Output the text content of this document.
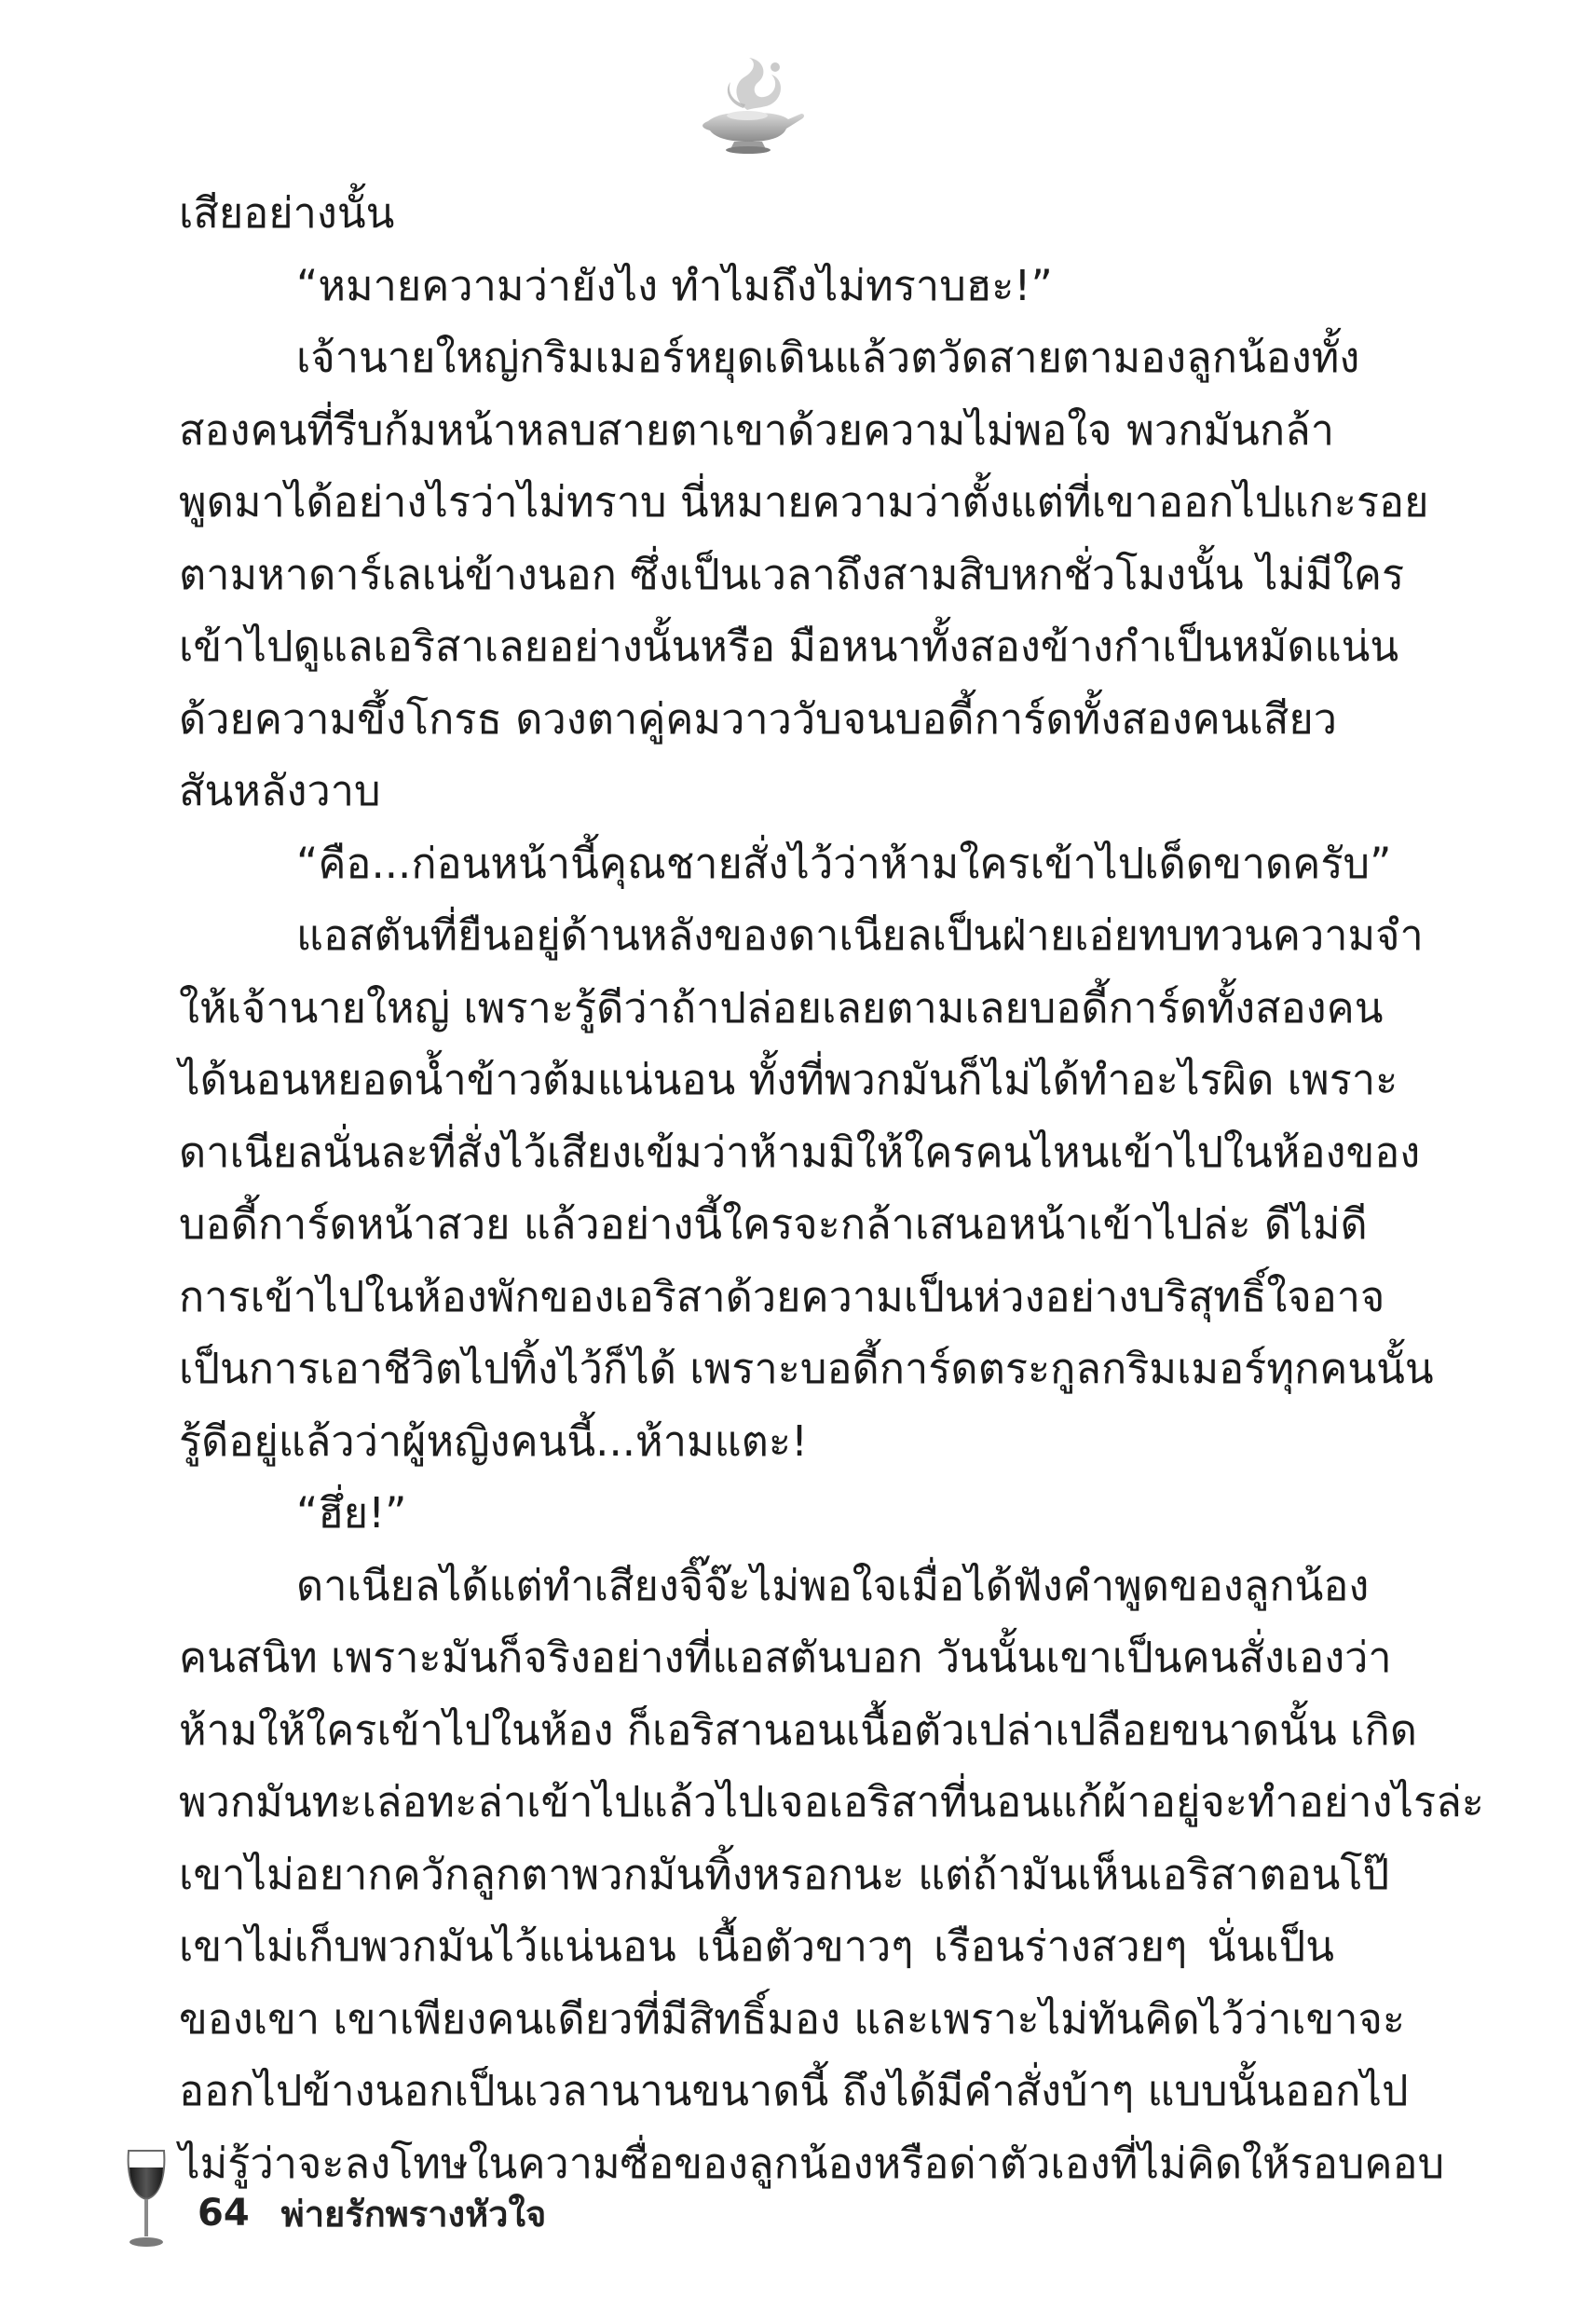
เสียอย่างนั้น

“หมายความว่ายังไง ทำไมถึงไม่ทราบฮะ!”

เจ้านายใหญ่กริมเมอร์หยุดเดินแล้วตวัดสายตามองลูกน้องทั้ง

สองคนที่รีบก้มหน้าหลบสายตาเขาด้วยความไม่พอใจ พวกมันกล้า

พูดมาได้อย่างไรว่าไม่ทราบ นี่หมายความว่าตั้งแต่ที่เขาออกไปแกะรอย

ตามหาดาร์เลเน่ข้างนอก ซึ่งเป็นเวลาถึงสามสิบหกชั่วโมงนั้น ไม่มีใคร

เข้าไปดูแลเอริสาเลยอย่างนั้นหรือ มือหนาทั้งสองข้างกำเป็นหมัดแน่น

ด้วยความขึ้งโกรธ ดวงตาคู่คมวาววับจนบอดี้การ์ดทั้งสองคนเสียว

สันหลังวาบ

“คือ...ก่อนหน้านี้คุณชายสั่งไว้ว่าห้ามใครเข้าไปเด็ดขาดครับ”

แอสตันที่ยืนอยู่ด้านหลังของดาเนียลเป็นฝ่ายเอ่ยทบทวนความจำ

ให้เจ้านายใหญ่ เพราะรู้ดีว่าถ้าปล่อยเลยตามเลยบอดี้การ์ดทั้งสองคน

ได้นอนหยอดน้ำข้าวต้มแน่นอน ทั้งที่พวกมันก็ไม่ได้ทำอะไรผิด เพราะ

ดาเนียลนั่นละที่สั่งไว้เสียงเข้มว่าห้ามมิให้ใครคนไหนเข้าไปในห้องของ

บอดี้การ์ดหน้าสวย แล้วอย่างนี้ใครจะกล้าเสนอหน้าเข้าไปล่ะ ดีไม่ดี

การเข้าไปในห้องพักของเอริสาด้วยความเป็นห่วงอย่างบริสุทธิ์ใจอาจ

เป็นการเอาชีวิตไปทิ้งไว้ก็ได้ เพราะบอดี้การ์ดตระกูลกริมเมอร์ทุกคนนั้น

รู้ดีอยู่แล้วว่าผู้หญิงคนนี้...ห้ามแตะ!

“ฮึ่ย!”

ดาเนียลได้แต่ทำเสียงจิ๊จ๊ะไม่พอใจเมื่อได้ฟังคำพูดของลูกน้อง

คนสนิท เพราะมันก็จริงอย่างที่แอสตันบอก วันนั้นเขาเป็นคนสั่งเองว่า

ห้ามให้ใครเข้าไปในห้อง ก็เอริสานอนเนื้อตัวเปล่าเปลือยขนาดนั้น เกิด

พวกมันทะเล่อทะล่าเข้าไปแล้วไปเจอเอริสาที่นอนแก้ผ้าอยู่จะทำอย่างไรล่ะ

เขาไม่อยากควักลูกตาพวกมันทิ้งหรอกนะ แต่ถ้ามันเห็นเอริสาตอนโป๊

เขาไม่เก็บพวกมันไว้แน่นอน เนื้อตัวขาวๆ เรือนร่างสวยๆ นั่นเป็น

ของเขา เขาเพียงคนเดียวที่มีสิทธิ์มอง และเพราะไม่ทันคิดไว้ว่าเขาจะ

ออกไปข้างนอกเป็นเวลานานขนาดนี้ ถึงได้มีคำสั่งบ้าๆ แบบนั้นออกไป

ไม่รู้ว่าจะลงโทษในความซื่อของลูกน้องหรือด่าตัวเองที่ไม่คิดให้รอบคอบ

64 พ่ายรักพรางหัวใจ
